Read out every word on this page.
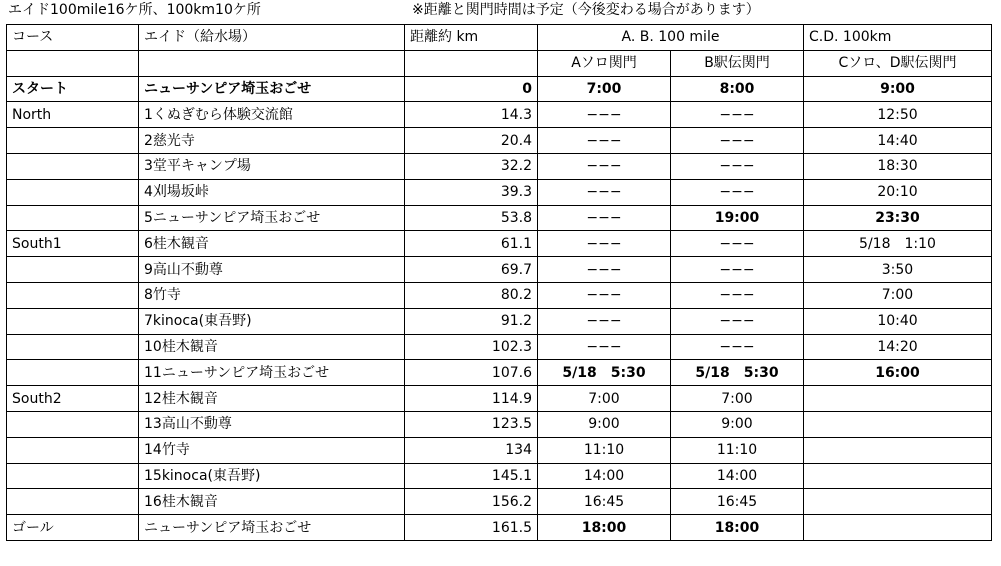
エイド100mile16ケ所、100km10ケ所	※距離と関門時間は予定（今後変わる場合があります）
コース	エイド（給水場）	距離約 km	A. B. 100 mile		C.D. 100km
			Aソロ関門	B駅伝関門	Cソロ、D駅伝関門
スタート	ニューサンピア埼玉おごせ	0	7:00	8:00	9:00
North	1くぬぎむら体験交流館	14.3	−−−	−−−	12:50
	2慈光寺	20.4	−−−	−−−	14:40
	3堂平キャンプ場	32.2	−−−	−−−	18:30
	4刈場坂峠	39.3	−−−	−−−	20:10
	5ニューサンピア埼玉おごせ	53.8	−−−	19:00	23:30
South1	6桂木観音	61.1	−−−	−−−	5/18　1:10
	9高山不動尊	69.7	−−−	−−−	3:50
	8竹寺	80.2	−−−	−−−	7:00
	7kinoca(東吾野)	91.2	−−−	−−−	10:40
	10桂木観音	102.3	−−−	−−−	14:20
	11ニューサンピア埼玉おごせ	107.6	5/18　5:30	5/18　5:30	16:00
South2	12桂木観音	114.9	7:00	7:00	
	13高山不動尊	123.5	9:00	9:00	
	14竹寺	134	11:10	11:10	
	15kinoca(東吾野)	145.1	14:00	14:00	
	16桂木観音	156.2	16:45	16:45	
ゴール	ニューサンピア埼玉おごせ	161.5	18:00	18:00	
